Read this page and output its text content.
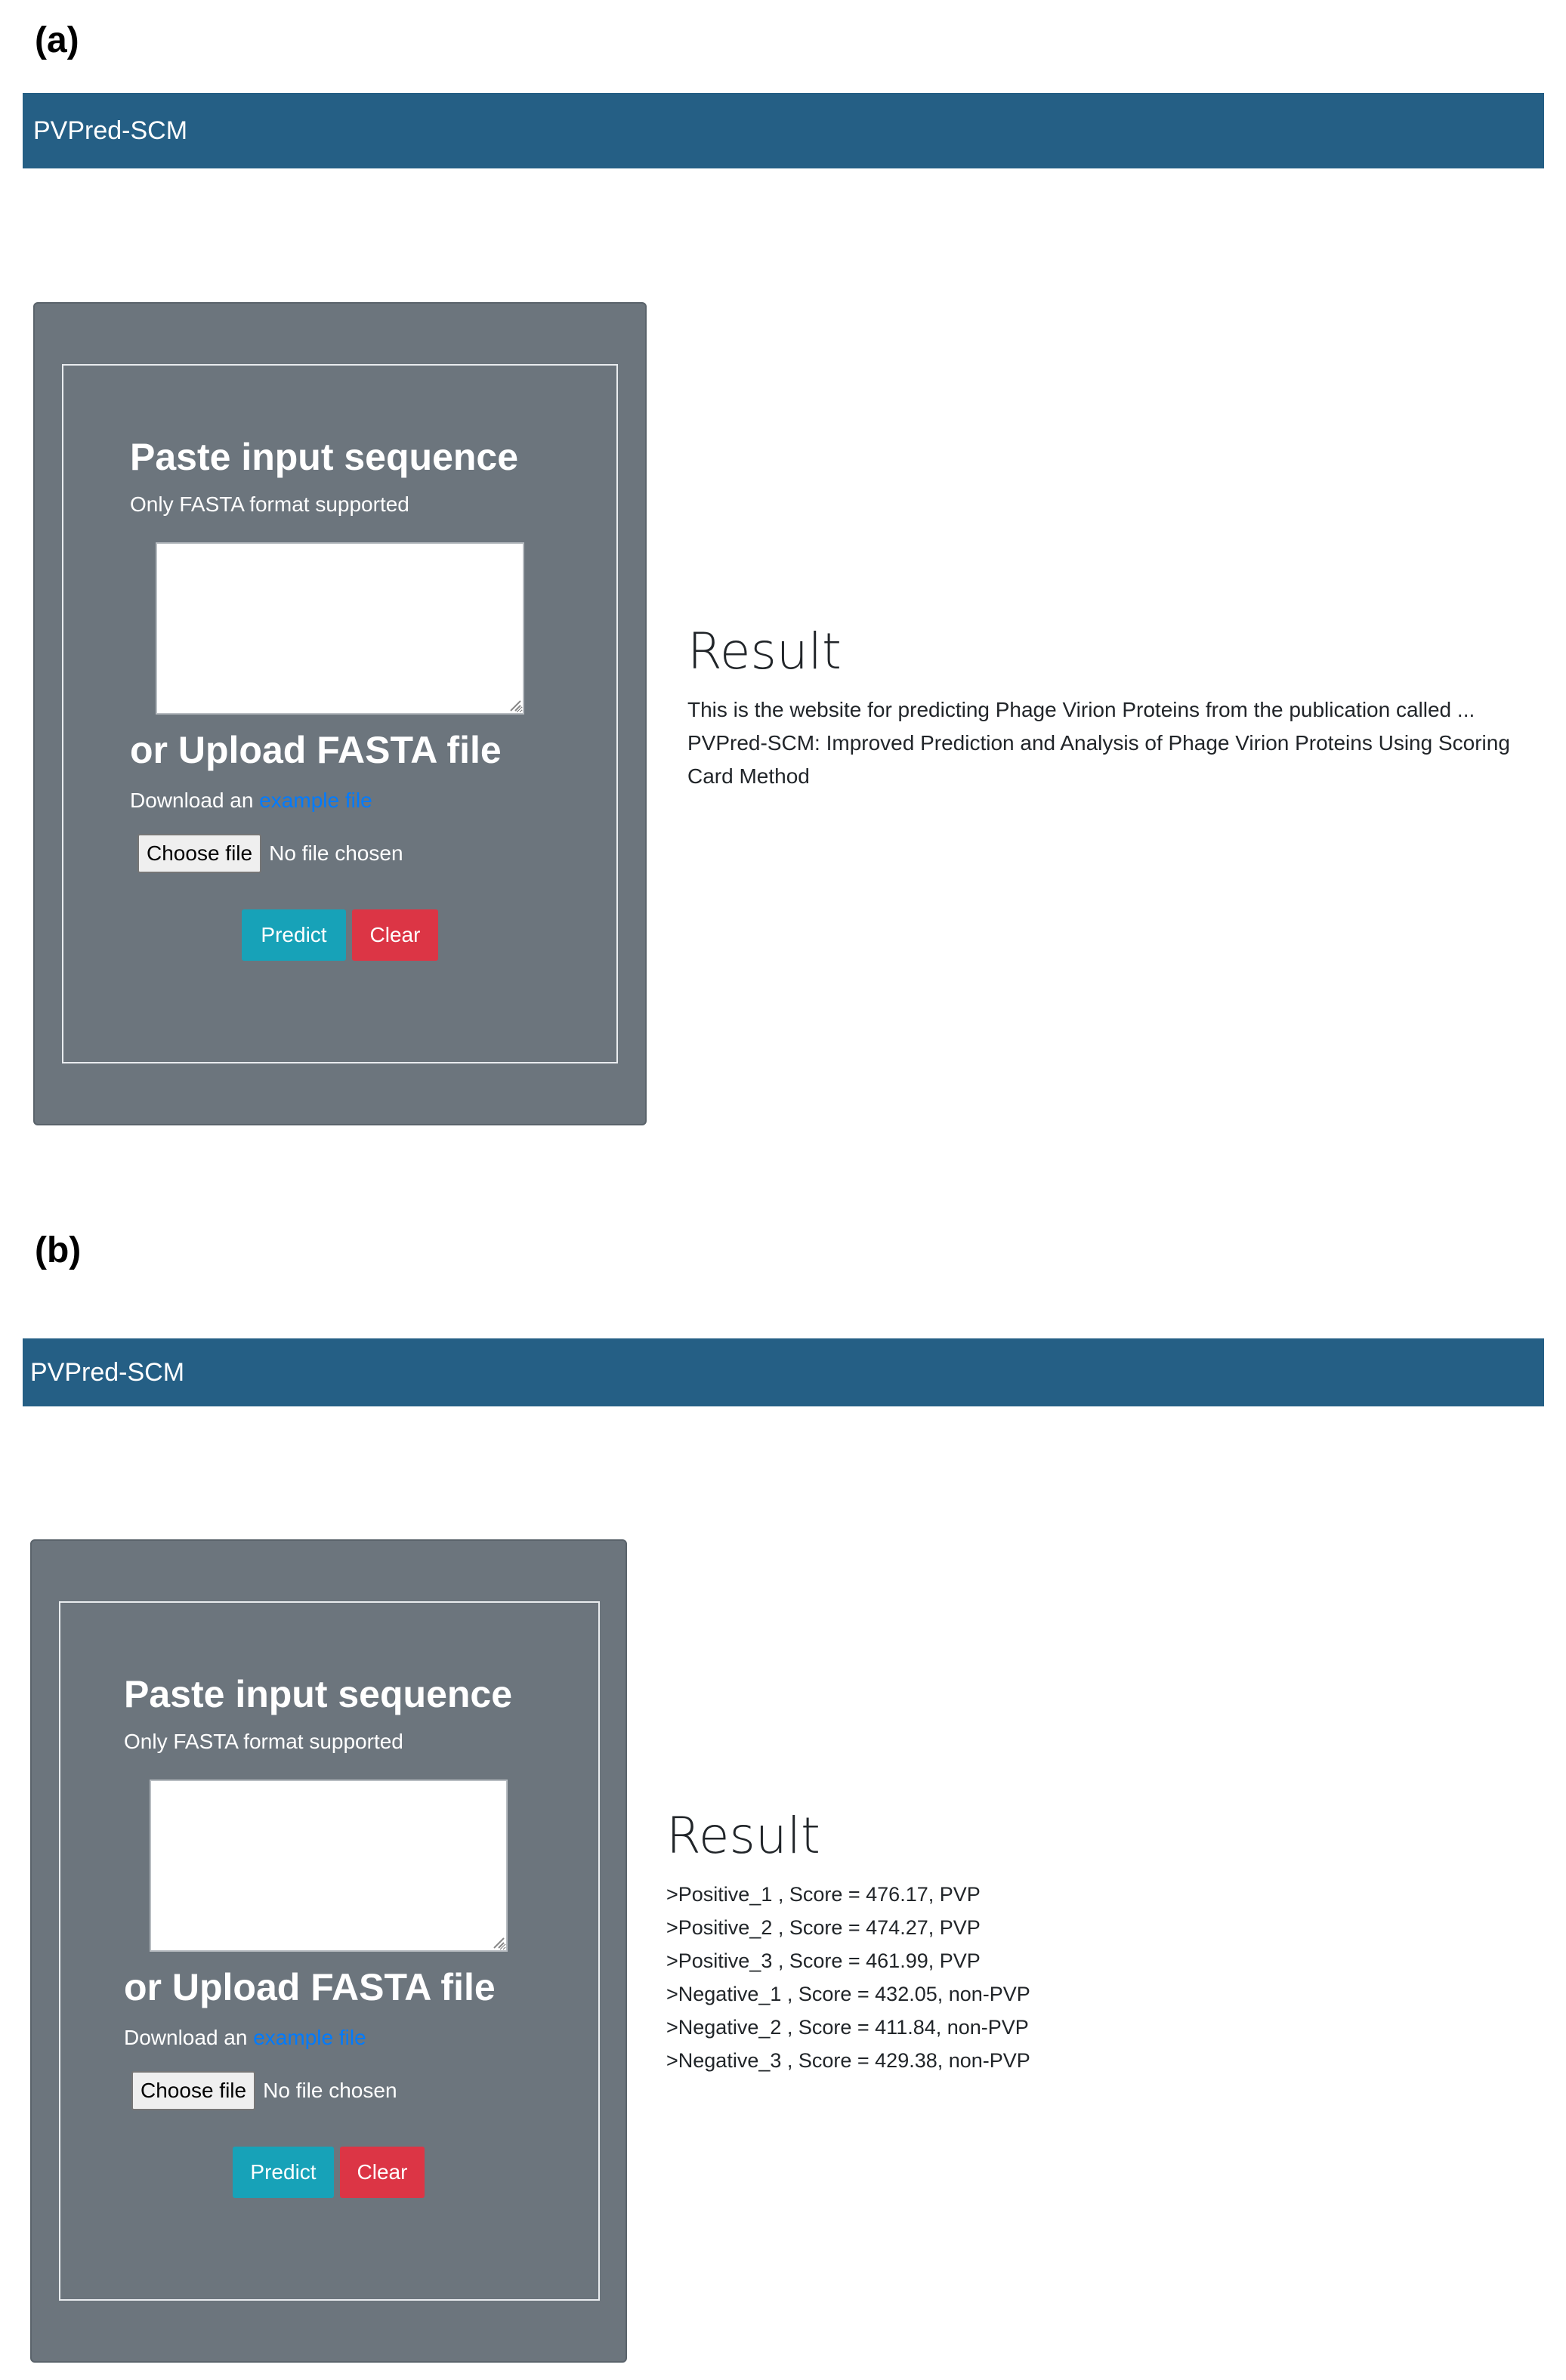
(a)
PVPred-SCM
Paste input sequence
Only FASTA format supported
or Upload FASTA file
Download an example file
Choose file No file chosen
Predict	Clear
Result
This is the website for predicting Phage Virion Proteins from the publication called ...
PVPred-SCM: Improved Prediction and Analysis of Phage Virion Proteins Using Scoring Card Method
(b)
PVPred-SCM
Paste input sequence
Only FASTA format supported
or Upload FASTA file
Download an example file
Choose file No file chosen
Predict	Clear
Result
>Positive_1 , Score = 476.17, PVP
>Positive_2 , Score = 474.27, PVP
>Positive_3 , Score = 461.99, PVP
>Negative_1 , Score = 432.05, non-PVP
>Negative_2 , Score = 411.84, non-PVP
>Negative_3 , Score = 429.38, non-PVP
